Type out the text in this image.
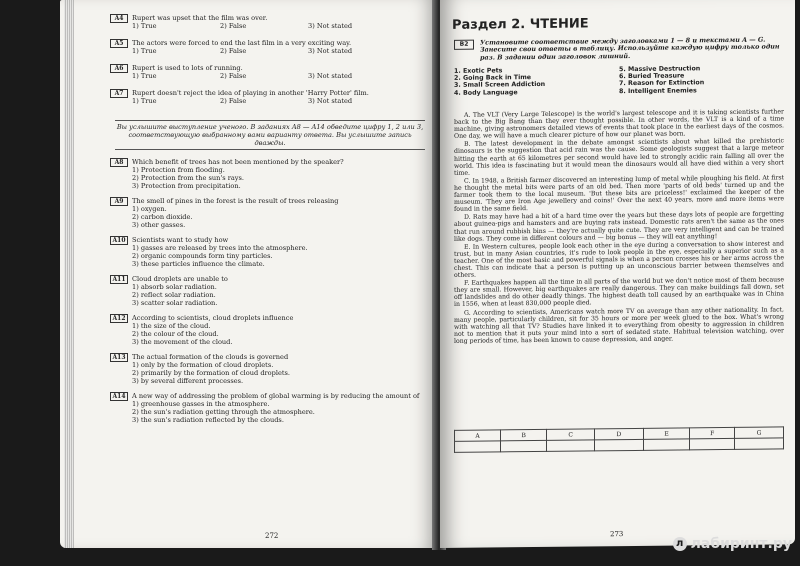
A4	Rupert was upset that the film was over.
1) True	2) False	3) Not stated
A5	The actors were forced to end the last film in a very exciting way.
1) True	2) False	3) Not stated
A6	Rupert is used to lots of running.
1) True	2) False	3) Not stated
A7	Rupert doesn't reject the idea of playing in another 'Harry Potter' film.
1) True	2) False	3) Not stated
Вы услышите выступление ученого. В заданиях A8 — A14 обведите цифру 1, 2 или 3, соответствующую выбранному вами варианту ответа. Вы услышите запись дважды.
A8	Which benefit of trees has not been mentioned by the speaker?
1) Protection from flooding.
2) Protection from the sun's rays.
3) Protection from precipitation.
A9	The smell of pines in the forest is the result of trees releasing
1) oxygen.
2) carbon dioxide.
3) other gasses.
A10 Scientists want to study how
1) gasses are released by trees into the atmosphere.
2) organic compounds form tiny particles.
3) these particles influence the climate.
A11 Cloud droplets are unable to
1) absorb solar radiation.
2) reflect solar radiation.
3) scatter solar radiation.
A12 According to scientists, cloud droplets influence
1) the size of the cloud.
2) the colour of the cloud.
3) the movement of the cloud.
A13 The actual formation of the clouds is governed
1) only by the formation of cloud droplets.
2) primarily by the formation of cloud droplets.
3) by several different processes.
A14 A new way of addressing the problem of global warming is by reducing the amount of
1) greenhouse gasses in the atmosphere.
2) the sun's radiation getting through the atmosphere.
3) the sun's radiation reflected by the clouds.
272
Раздел 2. ЧТЕНИЕ
B2	Установите соответствие между заголовками 1 — 8 и текстами A — G. Занесите свои ответы в таблицу. Используйте каждую цифру только один раз. В задании один заголовок лишний.
1. Exotic Pets	5. Massive Destruction
2. Going Back in Time	6. Buried Treasure
3. Small Screen Addiction	7. Reason for Extinction
4. Body Language	8. Intelligent Enemies

A. The VLT (Very Large Telescope) is the world's largest telescope and it is taking scientists further back to the Big Bang than they ever thought possible. In other words, the VLT is a kind of a time machine, giving astronomers detailed views of events that took place in the earliest days of the cosmos. One day, we will have a much clearer picture of how our planet was born.

B. The latest development in the debate amongst scientists about what killed the prehistoric dinosaurs is the suggestion that acid rain was the cause. Some geologists suggest that a large meteor hitting the earth at 65 kilometres per second would have led to strongly acidic rain falling all over the world. This idea is fascinating but it would mean the dinosaurs would all have died within a very short time.

C. In 1948, a British farmer discovered an interesting lump of metal while ploughing his field. At first he thought the metal bits were parts of an old bed. Then more 'parts of old beds' turned up and the farmer took them to the local museum. 'But these bits are priceless!' exclaimed the keeper of the museum. 'They are Iron Age jewellery and coins!' Over the next 40 years, more and more items were found in the same field.

D. Rats may have had a bit of a hard time over the years but these days lots of people are forgetting about guinea-pigs and hamsters and are buying rats instead. Domestic rats aren't the same as the ones that run around rubbish bins — they're actually quite cute. They are very intelligent and can be trained like dogs. They come in different colours and — big bonus — they will eat anything!

E. In Western cultures, people look each other in the eye during a conversation to show interest and trust, but in many Asian countries, it's rude to look people in the eye, especially a superior such as a teacher. One of the most basic and powerful signals is when a person crosses his or her arms across the chest. This can indicate that a person is putting up an unconscious barrier between themselves and others.

F. Earthquakes happen all the time in all parts of the world but we don't notice most of them because they are small. However, big earthquakes are really dangerous. They can make buildings fall down, set off landslides and do other deadly things. The highest death toll caused by an earthquake was in China in 1556, when at least 830,000 people died.

G. According to scientists, Americans watch more TV on average than any other nationality. In fact, many people, particularly children, sit for 35 hours or more per week glued to the box. What's wrong with watching all that TV? Studies have linked it to everything from obesity to aggression in children not to mention that it puts your mind into a sort of sedated state. Habitual television watching, over long periods of time, has been known to cause depression, and anger.

A	B	C	D	E	F	G

273
л лабиринт.ру
